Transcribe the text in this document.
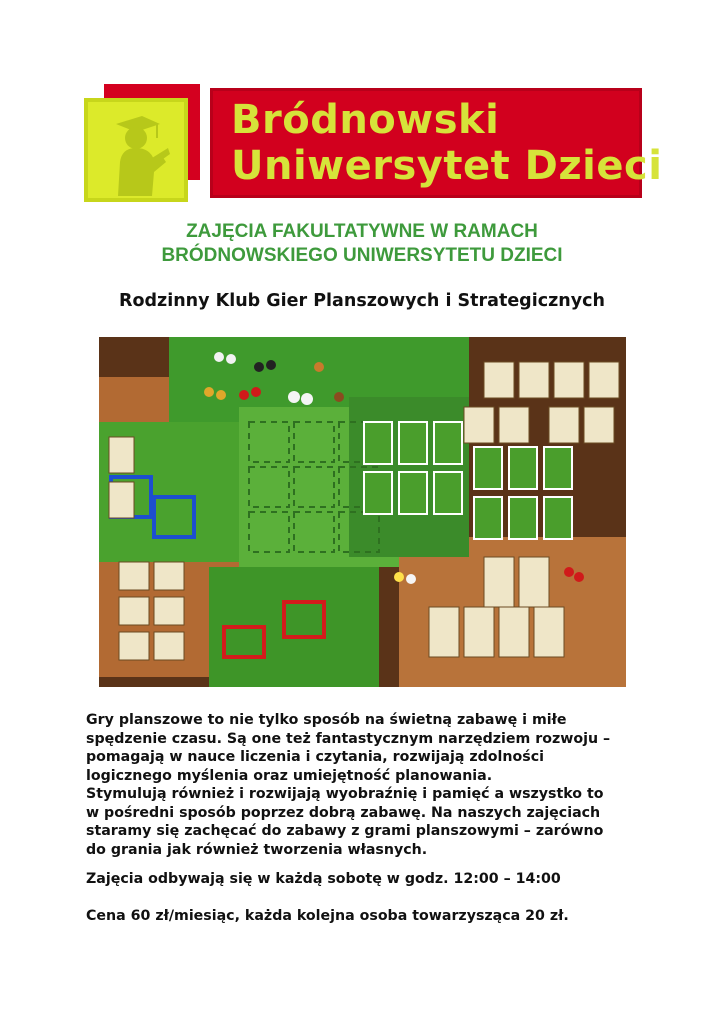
Bródnowski
Uniwersytet Dzieci
ZAJĘCIA FAKULTATYWNE W RAMACH
BRÓDNOWSKIEGO UNIWERSYTETU DZIECI
Rodzinny Klub Gier Planszowych i Strategicznych
Gry planszowe to nie tylko sposób na świetną zabawę i miłe
spędzenie czasu. Są one też fantastycznym narzędziem rozwoju –
pomagają w nauce liczenia i czytania, rozwijają zdolności
logicznego myślenia oraz umiejętność planowania.
Stymulują również i rozwijają wyobraźnię i pamięć a wszystko to
w pośredni sposób poprzez dobrą zabawę. Na naszych zajęciach
staramy się zachęcać do zabawy z grami planszowymi – zarówno
do grania jak również tworzenia własnych.
Zajęcia odbywają się w każdą sobotę w godz. 12:00 – 14:00
Cena 60 zł/miesiąc, każda kolejna osoba towarzysząca 20 zł.
